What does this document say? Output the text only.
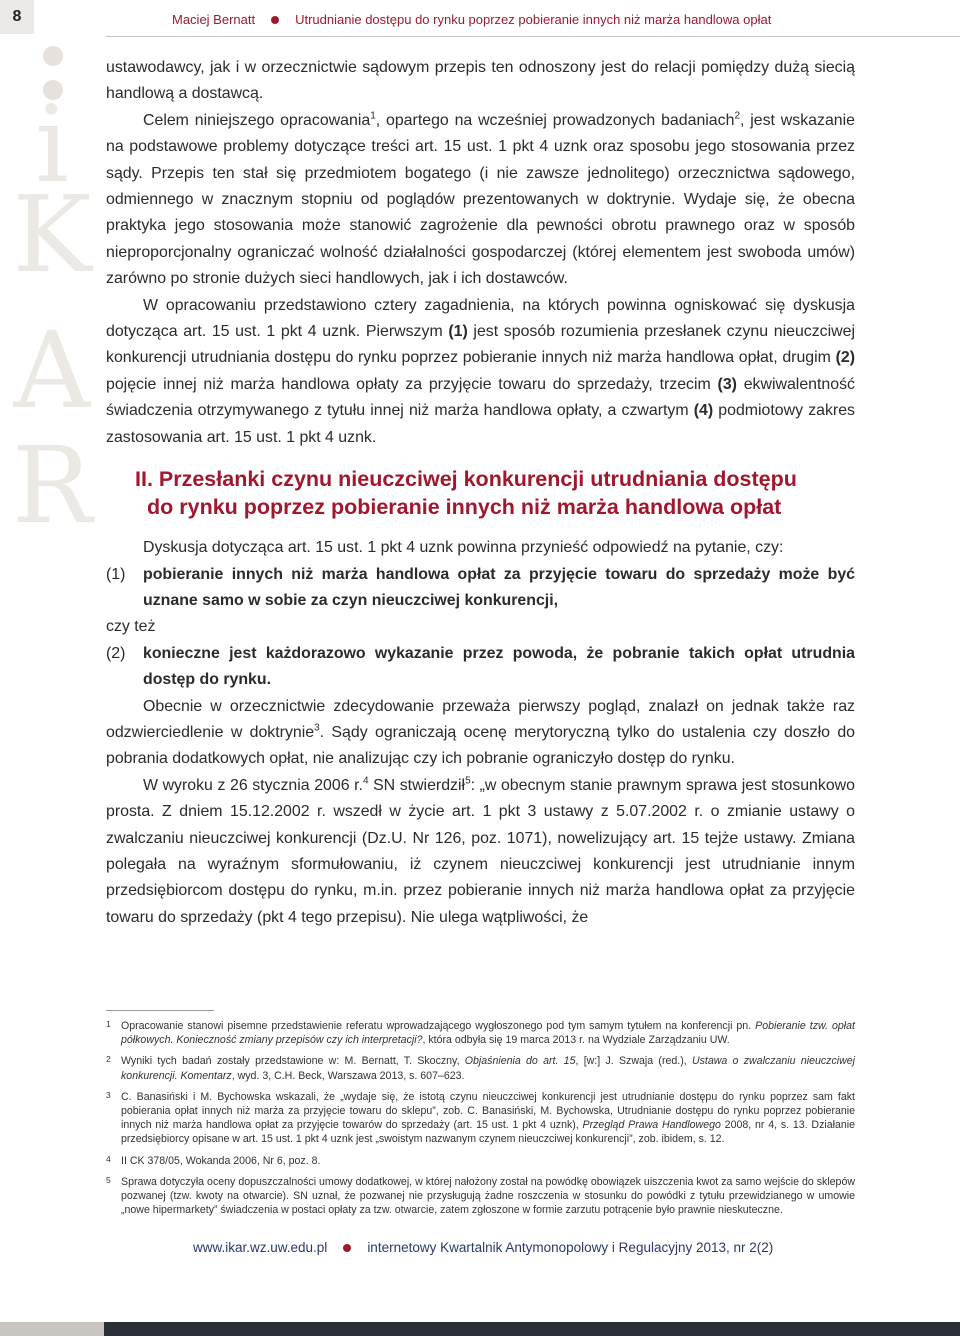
8	Maciej Bernatt	Utrudnianie dostępu do rynku poprzez pobieranie innych niż marża handlowa opłat
i
K
A
R

ustawodawcy, jak i w orzecznictwie sądowym przepis ten odnoszony jest do relacji pomiędzy dużą siecią handlową a dostawcą.

Celem niniejszego opracowania$^1$, opartego na wcześniej prowadzonych badaniach$^2$, jest wskazanie na podstawowe problemy dotyczące treści art. 15 ust. 1 pkt 4 uznk oraz sposobu jego stosowania przez sądy. Przepis ten stał się przedmiotem bogatego (i nie zawsze jednolitego) orzecznictwa sądowego, odmiennego w znacznym stopniu od poglądów prezentowanych w doktrynie. Wydaje się, że obecna praktyka jego stosowania może stanowić zagrożenie dla pewności obrotu prawnego oraz w sposób nieproporcjonalny ograniczać wolność działalności gospodarczej (której elementem jest swoboda umów) zarówno po stronie dużych sieci handlowych, jak i ich dostawców.

W opracowaniu przedstawiono cztery zagadnienia, na których powinna ogniskować się dyskusja dotycząca art. 15 ust. 1 pkt 4 uznk. Pierwszym (1) jest sposób rozumienia przesłanek czynu nieuczciwej konkurencji utrudniania dostępu do rynku poprzez pobieranie innych niż marża handlowa opłat, drugim (2) pojęcie innej niż marża handlowa opłaty za przyjęcie towaru do sprzedaży, trzecim (3) ekwiwalentność świadczenia otrzymywanego z tytułu innej niż marża handlowa opłaty, a czwartym (4) podmiotowy zakres zastosowania art. 15 ust. 1 pkt 4 uznk.

II. Przesłanki czynu nieuczciwej konkurencji utrudniania dostępu
do rynku poprzez pobieranie innych niż marża handlowa opłat

Dyskusja dotycząca art. 15 ust. 1 pkt 4 uznk powinna przynieść odpowiedź na pytanie, czy:

(1)	pobieranie innych niż marża handlowa opłat za przyjęcie towaru do sprzedaży może być uznane samo w sobie za czyn nieuczciwej konkurencji,

czy też

(2)	konieczne jest każdorazowo wykazanie przez powoda, że pobranie takich opłat utrudnia dostęp do rynku.

Obecnie w orzecznictwie zdecydowanie przeważa pierwszy pogląd, znalazł on jednak także raz odzwierciedlenie w doktrynie$^3$. Sądy ograniczają ocenę merytoryczną tylko do ustalenia czy doszło do pobrania dodatkowych opłat, nie analizując czy ich pobranie ograniczyło dostęp do rynku.

W wyroku z 26 stycznia 2006 r.$^4$ SN stwierdził$^5$: „w obecnym stanie prawnym sprawa jest stosunkowo prosta. Z dniem 15.12.2002 r. wszedł w życie art. 1 pkt 3 ustawy z 5.07.2002 r. o zmianie ustawy o zwalczaniu nieuczciwej konkurencji (Dz.U. Nr 126, poz. 1071), nowelizujący art. 15 tejże ustawy. Zmiana polegała na wyraźnym sformułowaniu, iż czynem nieuczciwej konkurencji jest utrudnianie innym przedsiębiorcom dostępu do rynku, m.in. przez pobieranie innych niż marża handlowa opłat za przyjęcie towaru do sprzedaży (pkt 4 tego przepisu). Nie ulega wątpliwości, że

1 Opracowanie stanowi pisemne przedstawienie referatu wprowadzającego wygłoszonego pod tym samym tytułem na konferencji pn. Pobieranie tzw. opłat półkowych. Konieczność zmiany przepisów czy ich interpretacji?, która odbyła się 19 marca 2013 r. na Wydziale Zarządzaniu UW.
2 Wyniki tych badań zostały przedstawione w: M. Bernatt, T. Skoczny, Objaśnienia do art. 15, [w:] J. Szwaja (red.), Ustawa o zwalczaniu nieuczciwej konkurencji. Komentarz, wyd. 3, C.H. Beck, Warszawa 2013, s. 607–623.
3 C. Banasiński i M. Bychowska wskazali, że „wydaje się, że istotą czynu nieuczciwej konkurencji jest utrudnianie dostępu do rynku poprzez sam fakt pobierania opłat innych niż marża za przyjęcie towaru do sklepu”, zob. C. Banasiński, M. Bychowska, Utrudnianie dostępu do rynku poprzez pobieranie innych niż marża handlowa opłat za przyjęcie towarów do sprzedaży (art. 15 ust. 1 pkt 4 uznk), Przegląd Prawa Handlowego 2008, nr 4, s. 13. Działanie przedsiębiorcy opisane w art. 15 ust. 1 pkt 4 uznk jest „swoistym nazwanym czynem nieuczciwej konkurencji”, zob. ibidem, s. 12.
4 II CK 378/05, Wokanda 2006, Nr 6, poz. 8.
5 Sprawa dotyczyła oceny dopuszczalności umowy dodatkowej, w której nałożony został na powódkę obowiązek uiszczenia kwot za samo wejście do sklepów pozwanej (tzw. kwoty na otwarcie). SN uznał, że pozwanej nie przysługują żadne roszczenia w stosunku do powódki z tytułu przewidzianego w umowie „nowe hipermarkety” świadczenia w postaci opłaty za tzw. otwarcie, zatem zgłoszone w formie zarzutu potrącenie było prawnie nieskuteczne.
www.ikar.wz.uw.edu.pl	internetowy Kwartalnik Antymonopolowy i Regulacyjny 2013, nr 2(2)
